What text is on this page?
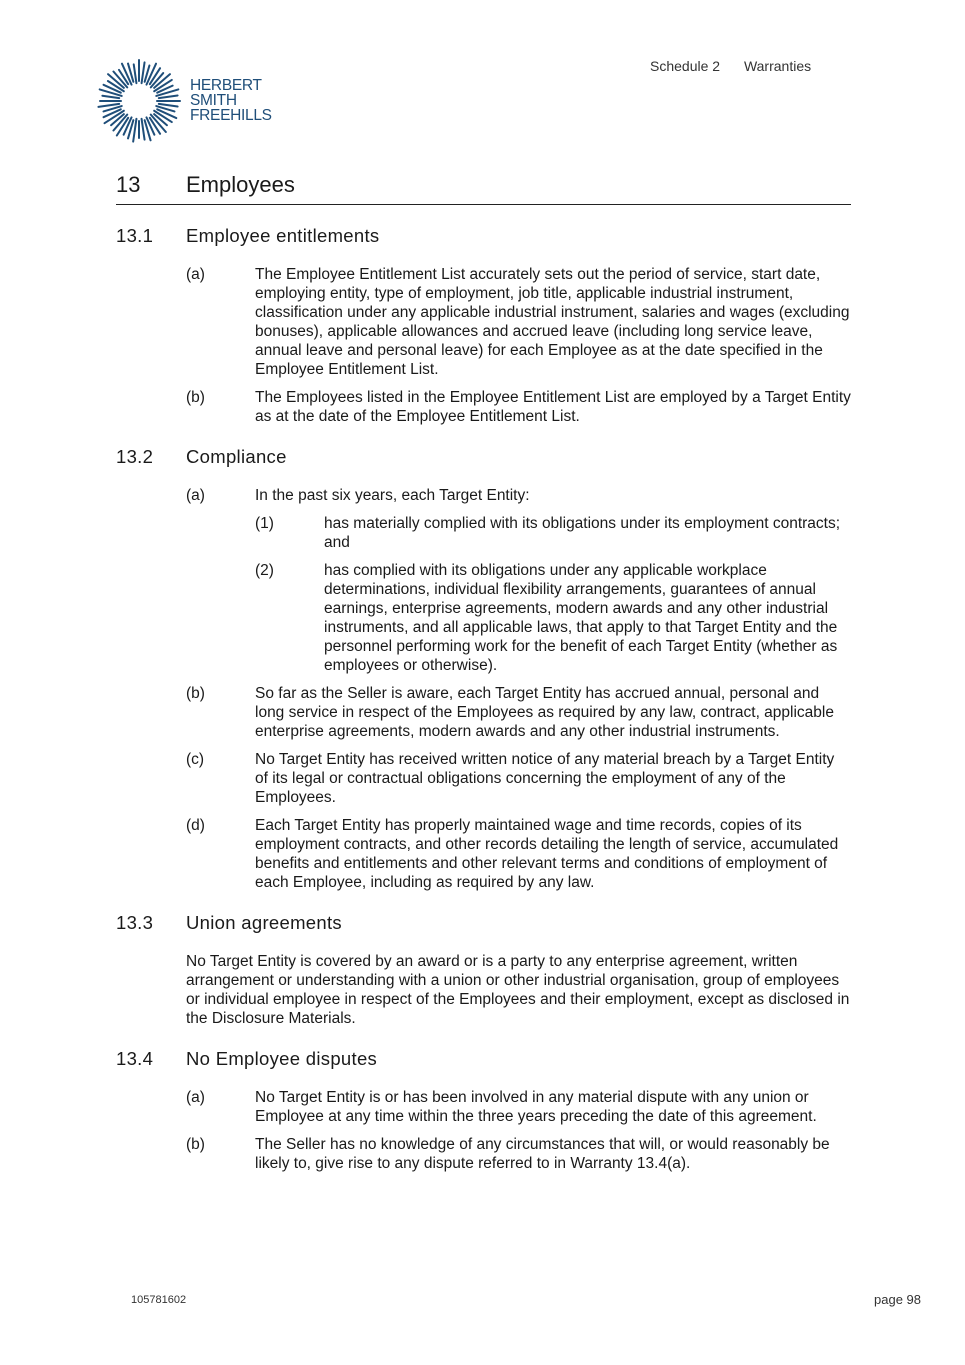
HERBERT
SMITH
FREEHILLS
Schedule 2 Warranties
13	Employees
13.1	Employee entitlements
(a)	The Employee Entitlement List accurately sets out the period of service, start date, employing entity, type of employment, job title, applicable industrial instrument, classification under any applicable industrial instrument, salaries and wages (excluding bonuses), applicable allowances and accrued leave (including long service leave, annual leave and personal leave) for each Employee as at the date specified in the Employee Entitlement List.
(b)	The Employees listed in the Employee Entitlement List are employed by a Target Entity as at the date of the Employee Entitlement List.
13.2	Compliance
(a)	In the past six years, each Target Entity:
(1)	has materially complied with its obligations under its employment contracts; and
(2)	has complied with its obligations under any applicable workplace determinations, individual flexibility arrangements, guarantees of annual earnings, enterprise agreements, modern awards and any other industrial instruments, and all applicable laws, that apply to that Target Entity and the personnel performing work for the benefit of each Target Entity (whether as employees or otherwise).
(b)	So far as the Seller is aware, each Target Entity has accrued annual, personal and long service in respect of the Employees as required by any law, contract, applicable enterprise agreements, modern awards and any other industrial instruments.
(c)	No Target Entity has received written notice of any material breach by a Target Entity of its legal or contractual obligations concerning the employment of any of the Employees.
(d)	Each Target Entity has properly maintained wage and time records, copies of its employment contracts, and other records detailing the length of service, accumulated benefits and entitlements and other relevant terms and conditions of employment of each Employee, including as required by any law.
13.3	Union agreements
No Target Entity is covered by an award or is a party to any enterprise agreement, written arrangement or understanding with a union or other industrial organisation, group of employees or individual employee in respect of the Employees and their employment, except as disclosed in the Disclosure Materials.
13.4	No Employee disputes
(a)	No Target Entity is or has been involved in any material dispute with any union or Employee at any time within the three years preceding the date of this agreement.
(b)	The Seller has no knowledge of any circumstances that will, or would reasonably be likely to, give rise to any dispute referred to in Warranty 13.4(a).
105781602	page 98
